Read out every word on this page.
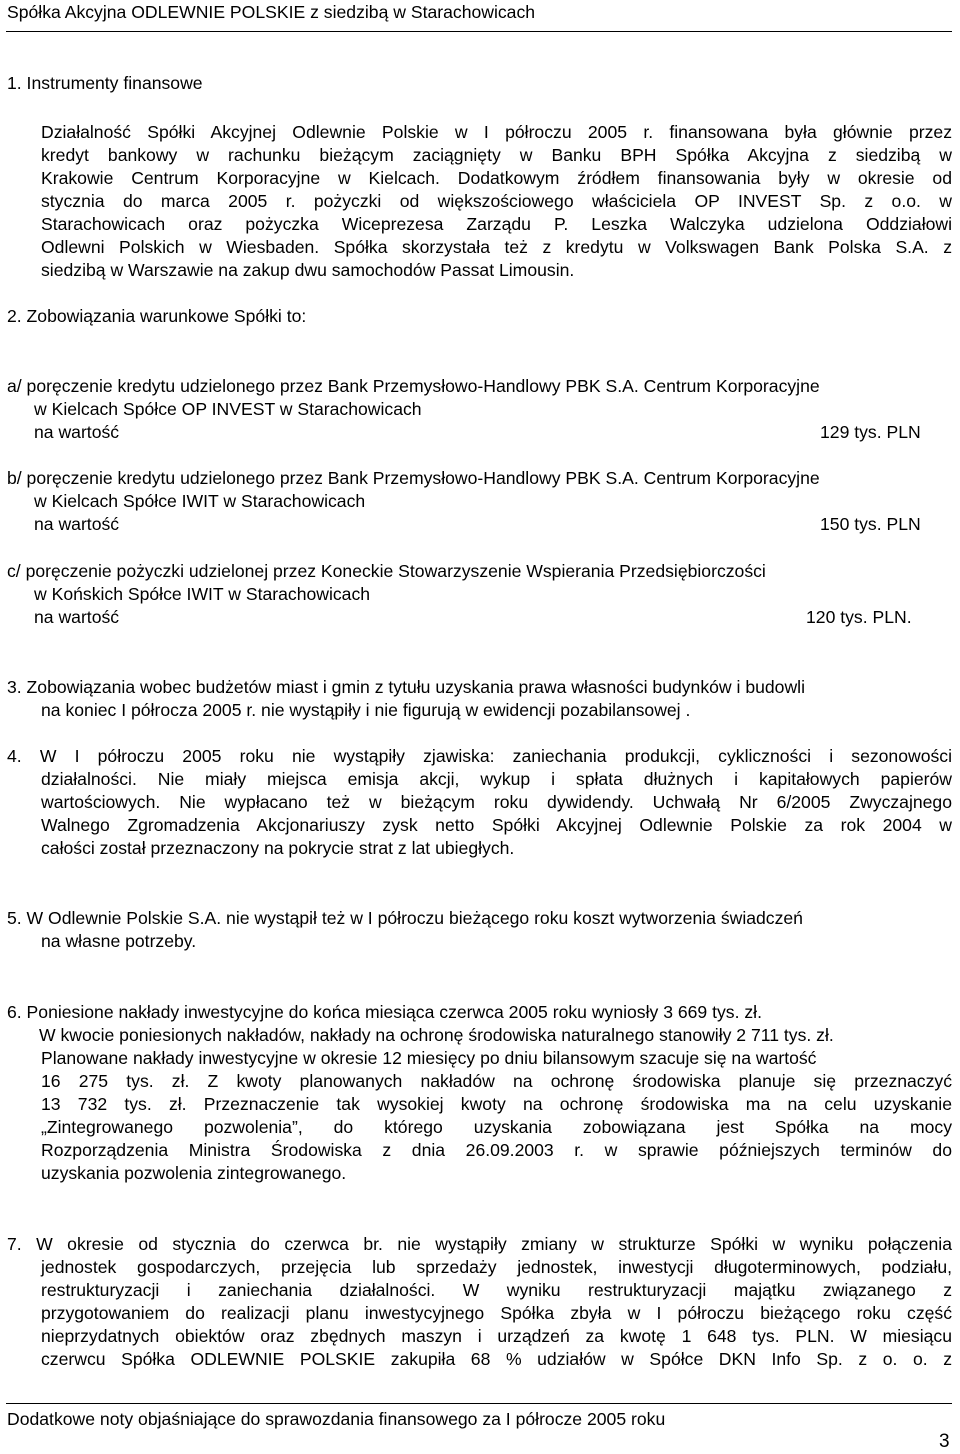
Spółka Akcyjna ODLEWNIE POLSKIE z siedzibą w Starachowicach
1. Instrumenty finansowe
Działalność Spółki Akcyjnej Odlewnie Polskie w I półroczu 2005 r. finansowana była głównie przez
kredyt bankowy w rachunku bieżącym zaciągnięty w Banku BPH Spółka Akcyjna z siedzibą w
Krakowie Centrum Korporacyjne w Kielcach. Dodatkowym źródłem finansowania były w okresie od
stycznia do marca 2005 r. pożyczki od większościowego właściciela OP INVEST Sp. z o.o. w
Starachowicach oraz pożyczka Wiceprezesa Zarządu P. Leszka Walczyka udzielona Oddziałowi
Odlewni Polskich w Wiesbaden. Spółka skorzystała też z kredytu w Volkswagen Bank Polska S.A. z
siedzibą w Warszawie na zakup dwu samochodów Passat Limousin.
2. Zobowiązania warunkowe Spółki to:
a/ poręczenie kredytu udzielonego przez Bank Przemysłowo-Handlowy PBK S.A. Centrum Korporacyjne
w Kielcach Spółce OP INVEST w Starachowicach
na wartość	129 tys. PLN
b/ poręczenie kredytu udzielonego przez Bank Przemysłowo-Handlowy PBK S.A. Centrum Korporacyjne
w Kielcach Spółce IWIT w Starachowicach
na wartość	150 tys. PLN
c/ poręczenie pożyczki udzielonej przez Koneckie Stowarzyszenie Wspierania Przedsiębiorczości
w Końskich Spółce IWIT w Starachowicach
na wartość	120 tys. PLN.
3. Zobowiązania wobec budżetów miast i gmin z tytułu uzyskania prawa własności budynków i budowli
na koniec I półrocza 2005 r. nie wystąpiły i nie figurują w ewidencji pozabilansowej .
4. W I półroczu 2005 roku nie wystąpiły zjawiska: zaniechania produkcji, cykliczności i sezonowości
działalności. Nie miały miejsca emisja akcji, wykup i spłata dłużnych i kapitałowych papierów
wartościowych. Nie wypłacano też w bieżącym roku dywidendy. Uchwałą Nr 6/2005 Zwyczajnego
Walnego Zgromadzenia Akcjonariuszy zysk netto Spółki Akcyjnej Odlewnie Polskie za rok 2004 w
całości został przeznaczony na pokrycie strat z lat ubiegłych.
5. W Odlewnie Polskie S.A. nie wystąpił też w I półroczu bieżącego roku koszt wytworzenia świadczeń
na własne potrzeby.
6. Poniesione nakłady inwestycyjne do końca miesiąca czerwca 2005 roku wyniosły 3 669 tys. zł.
W kwocie poniesionych nakładów, nakłady na ochronę środowiska naturalnego stanowiły 2 711 tys. zł.
Planowane nakłady inwestycyjne w okresie 12 miesięcy po dniu bilansowym szacuje się na wartość
16 275 tys. zł. Z kwoty planowanych nakładów na ochronę środowiska planuje się przeznaczyć
13 732 tys. zł. Przeznaczenie tak wysokiej kwoty na ochronę środowiska ma na celu uzyskanie
„Zintegrowanego pozwolenia”, do którego uzyskania zobowiązana jest Spółka na mocy
Rozporządzenia Ministra Środowiska z dnia 26.09.2003 r. w sprawie późniejszych terminów do
uzyskania pozwolenia zintegrowanego.
7. W okresie od stycznia do czerwca br. nie wystąpiły zmiany w strukturze Spółki w wyniku połączenia
jednostek gospodarczych, przejęcia lub sprzedaży jednostek, inwestycji długoterminowych, podziału,
restrukturyzacji i zaniechania działalności. W wyniku restrukturyzacji majątku związanego z
przygotowaniem do realizacji planu inwestycyjnego Spółka zbyła w I półroczu bieżącego roku część
nieprzydatnych obiektów oraz zbędnych maszyn i urządzeń za kwotę 1 648 tys. PLN. W miesiącu
czerwcu Spółka ODLEWNIE POLSKIE zakupiła 68 % udziałów w Spółce DKN Info Sp. z o. o. z
Dodatkowe noty objaśniające do sprawozdania finansowego za I półrocze 2005 roku
3
